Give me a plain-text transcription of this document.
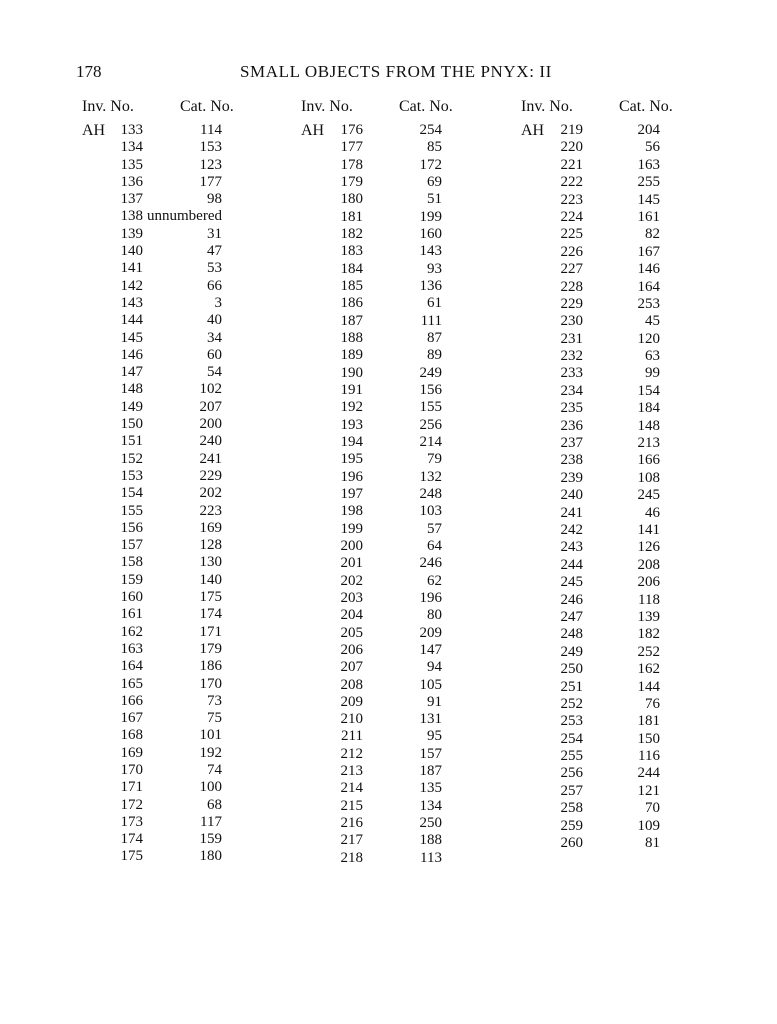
178	SMALL OBJECTS FROM THE PNYX: II
Inv. No.	Cat. No.
AH 133	114
134	153
135	123
136	177
137	98
138 unnumbered
139	31
140	47
141	53
142	66
143	3
144	40
145	34
146	60
147	54
148	102
149	207
150	200
151	240
152	241
153	229
154	202
155	223
156	169
157	128
158	130
159	140
160	175
161	174
162	171
163	179
164	186
165	170
166	73
167	75
168	101
169	192
170	74
171	100
172	68
173	117
174	159
175	180
Inv. No.	Cat. No.
AH 176	254
177	85
178	172
179	69
180	51
181	199
182	160
183	143
184	93
185	136
186	61
187	111
188	87
189	89
190	249
191	156
192	155
193	256
194	214
195	79
196	132
197	248
198	103
199	57
200	64
201	246
202	62
203	196
204	80
205	209
206	147
207	94
208	105
209	91
210	131
211	95
212	157
213	187
214	135
215	134
216	250
217	188
218	113
Inv. No.	Cat. No.
AH 219	204
220	56
221	163
222	255
223	145
224	161
225	82
226	167
227	146
228	164
229	253
230	45
231	120
232	63
233	99
234	154
235	184
236	148
237	213
238	166
239	108
240	245
241	46
242	141
243	126
244	208
245	206
246	118
247	139
248	182
249	252
250	162
251	144
252	76
253	181
254	150
255	116
256	244
257	121
258	70
259	109
260	81
